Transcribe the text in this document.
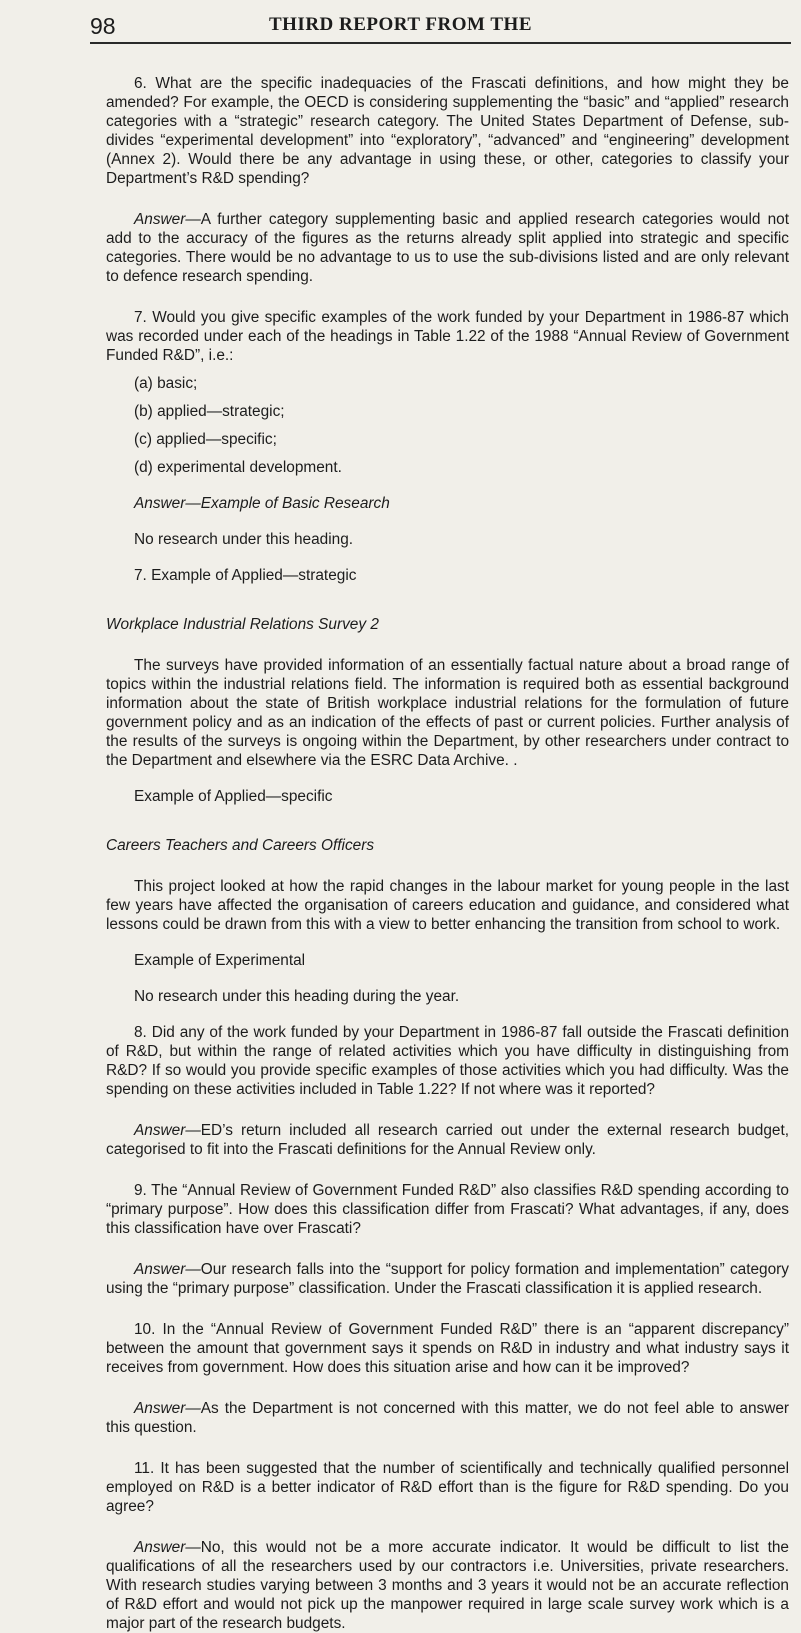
98	THIRD REPORT FROM THE

6. What are the specific inadequacies of the Frascati definitions, and how might they be amended? For example, the OECD is considering supplementing the “basic” and “applied” research categories with a “strategic” research category. The United States Department of Defense, sub-divides “experimental development” into “exploratory”, “advanced” and “engineering” development (Annex 2). Would there be any advantage in using these, or other, categories to classify your Department’s R&D spending?

Answer—A further category supplementing basic and applied research categories would not add to the accuracy of the figures as the returns already split applied into strategic and specific categories. There would be no advantage to us to use the sub-divisions listed and are only relevant to defence research spending.

7. Would you give specific examples of the work funded by your Department in 1986-87 which was recorded under each of the headings in Table 1.22 of the 1988 “Annual Review of Government Funded R&D”, i.e.:

(a) basic;

(b) applied—strategic;

(c) applied—specific;

(d) experimental development.

Answer—Example of Basic Research

No research under this heading.

7. Example of Applied—strategic

Workplace Industrial Relations Survey 2

The surveys have provided information of an essentially factual nature about a broad range of topics within the industrial relations field. The information is required both as essential background information about the state of British workplace industrial relations for the formulation of future government policy and as an indication of the effects of past or current policies. Further analysis of the results of the surveys is ongoing within the Department, by other researchers under contract to the Department and elsewhere via the ESRC Data Archive. .

Example of Applied—specific

Careers Teachers and Careers Officers

This project looked at how the rapid changes in the labour market for young people in the last few years have affected the organisation of careers education and guidance, and considered what lessons could be drawn from this with a view to better enhancing the transition from school to work.

Example of Experimental

No research under this heading during the year.

8. Did any of the work funded by your Department in 1986-87 fall outside the Frascati definition of R&D, but within the range of related activities which you have difficulty in distinguishing from R&D? If so would you provide specific examples of those activities which you had difficulty. Was the spending on these activities included in Table 1.22? If not where was it reported?

Answer—ED’s return included all research carried out under the external research budget, categorised to fit into the Frascati definitions for the Annual Review only.

9. The “Annual Review of Government Funded R&D” also classifies R&D spending according to “primary purpose”. How does this classification differ from Frascati? What advantages, if any, does this classification have over Frascati?

Answer—Our research falls into the “support for policy formation and implementation” category using the “primary purpose” classification. Under the Frascati classification it is applied research.

10. In the “Annual Review of Government Funded R&D” there is an “apparent discrepancy” between the amount that government says it spends on R&D in industry and what industry says it receives from government. How does this situation arise and how can it be improved?

Answer—As the Department is not concerned with this matter, we do not feel able to answer this question.

11. It has been suggested that the number of scientifically and technically qualified personnel employed on R&D is a better indicator of R&D effort than is the figure for R&D spending. Do you agree?

Answer—No, this would not be a more accurate indicator. It would be difficult to list the qualifications of all the researchers used by our contractors i.e. Universities, private researchers. With research studies varying between 3 months and 3 years it would not be an accurate reflection of R&D effort and would not pick up the manpower required in large scale survey work which is a major part of the research budgets.
